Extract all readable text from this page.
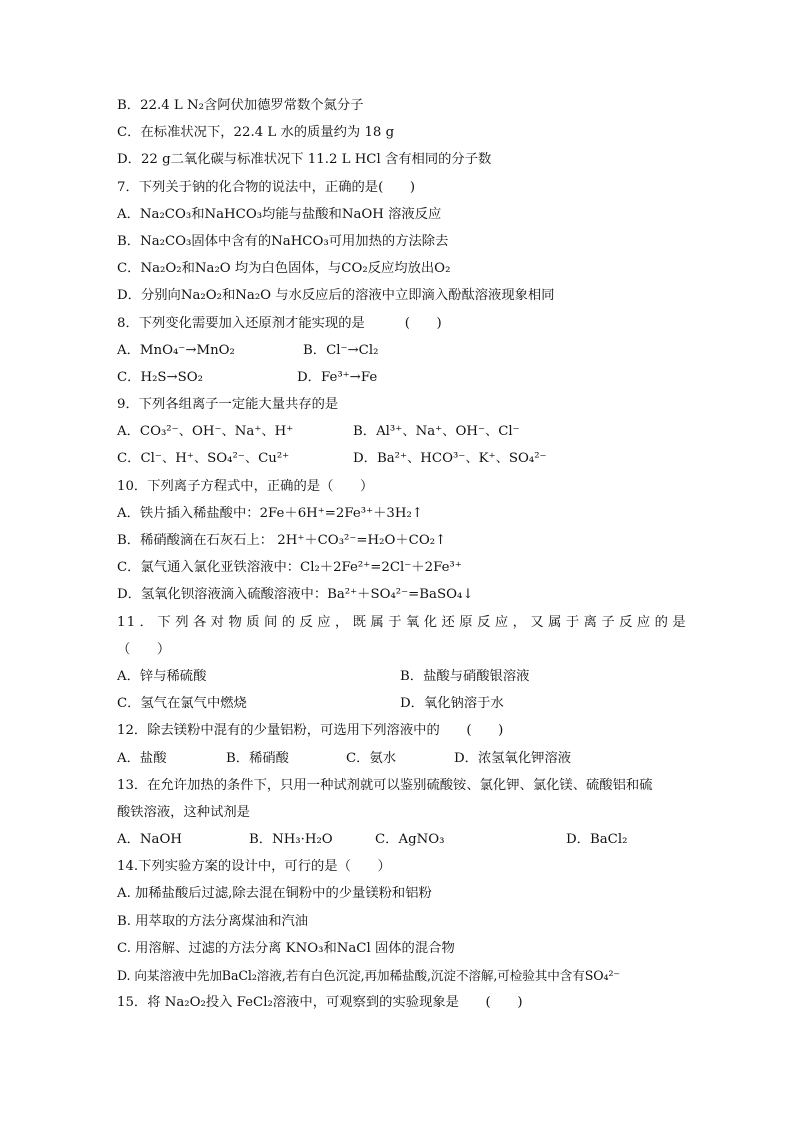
B．22.4 L N₂含阿伏加德罗常数个氮分子
C．在标准状况下，22.4 L 水的质量约为 18 g
D．22 g二氧化碳与标准状况下 11.2 L HCl 含有相同的分子数
7．下列关于钠的化合物的说法中，正确的是(　　)
A．Na₂CO₃和NaHCO₃均能与盐酸和NaOH 溶液反应
B．Na₂CO₃固体中含有的NaHCO₃可用加热的方法除去
C．Na₂O₂和Na₂O 均为白色固体，与CO₂反应均放出O₂
D．分别向Na₂O₂和Na₂O 与水反应后的溶液中立即滴入酚酞溶液现象相同
8．下列变化需要加入还原剂才能实现的是　　　(　　)
A．MnO₄⁻→MnO₂	B．Cl⁻→Cl₂
C．H₂S→SO₂	D．Fe³⁺→Fe
9．下列各组离子一定能大量共存的是
A．CO₃²⁻、OH⁻、Na⁺、H⁺	B．Al³⁺、Na⁺、OH⁻、Cl⁻
C．Cl⁻、H⁺、SO₄²⁻、Cu²⁺	D．Ba²⁺、HCO³⁻、K⁺、SO₄²⁻
10．下列离子方程式中，正确的是（　　）
A．铁片插入稀盐酸中：2Fe＋6H⁺=2Fe³⁺＋3H₂↑
B．稀硝酸滴在石灰石上： 2H⁺＋CO₃²⁻=H₂O＋CO₂↑
C．氯气通入氯化亚铁溶液中：Cl₂＋2Fe²⁺=2Cl⁻＋2Fe³⁺
D．氢氧化钡溶液滴入硫酸溶液中：Ba²⁺＋SO₄²⁻=BaSO₄↓
11．下列各对物质间的反应，既属于氧化还原反应，又属于离子反应的是
（　　）
A．锌与稀硫酸	B．盐酸与硝酸银溶液
C．氢气在氯气中燃烧	D．氧化钠溶于水
12．除去镁粉中混有的少量铝粉，可选用下列溶液中的　　(　　)
A．盐酸	B．稀硝酸	C．氨水	D．浓氢氧化钾溶液
13．在允许加热的条件下，只用一种试剂就可以鉴别硫酸铵、氯化钾、氯化镁、硫酸铝和硫
酸铁溶液，这种试剂是
A．NaOH	B．NH₃·H₂O	C．AgNO₃	D．BaCl₂
14.下列实验方案的设计中，可行的是（　　）
A. 加稀盐酸后过滤,除去混在铜粉中的少量镁粉和铝粉
B. 用萃取的方法分离煤油和汽油
C. 用溶解、过滤的方法分离 KNO₃和NaCl 固体的混合物
D. 向某溶液中先加BaCl₂溶液,若有白色沉淀,再加稀盐酸,沉淀不溶解,可检验其中含有SO₄²⁻
15．将 Na₂O₂投入 FeCl₂溶液中，可观察到的实验现象是　　(　　)
